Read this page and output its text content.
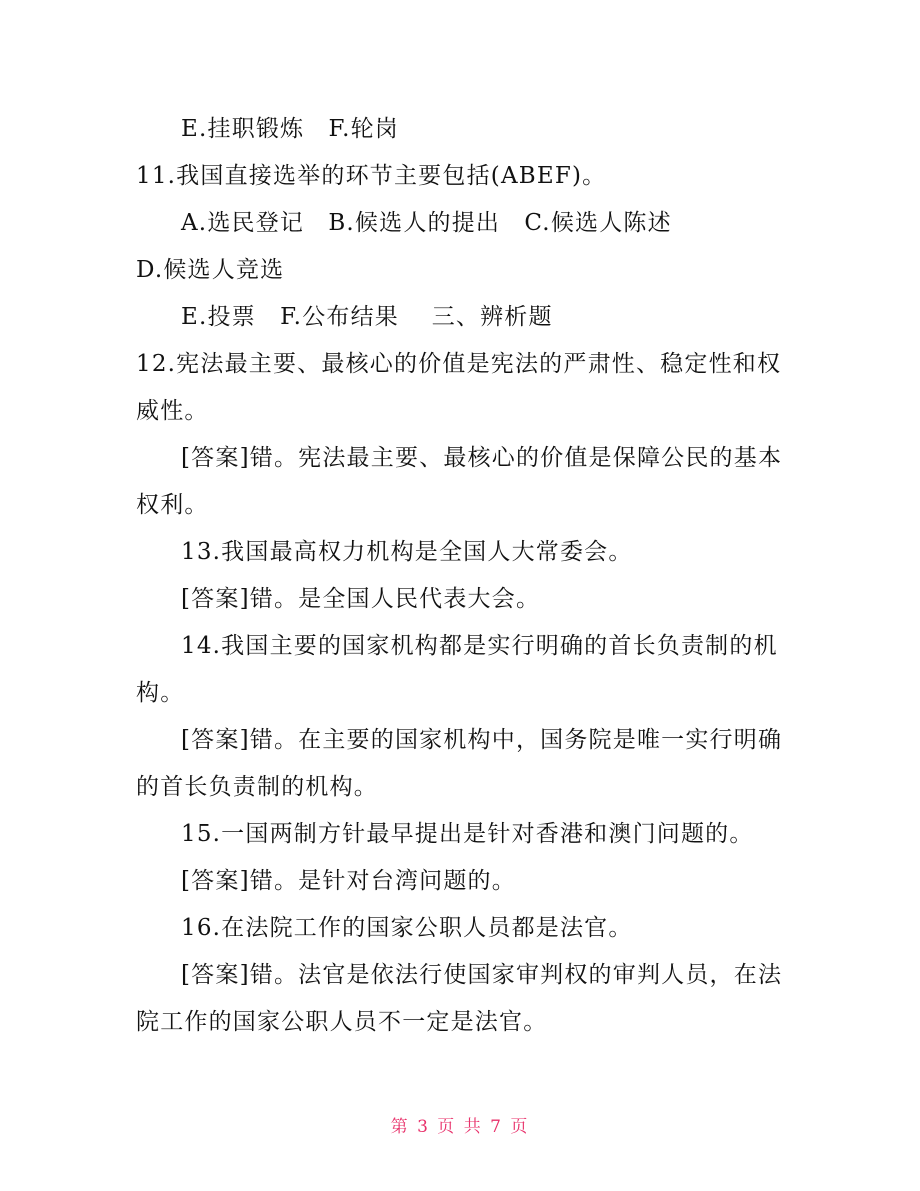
E.挂职锻炼　F.轮岗

11.我国直接选举的环节主要包括(ABEF)。

A.选民登记　B.候选人的提出　C.候选人陈述

D.候选人竞选

E.投票　F.公布结果　 三、辨析题

12.宪法最主要、最核心的价值是宪法的严肃性、稳定性和权威性。

[答案]错。宪法最主要、最核心的价值是保障公民的基本权利。

13.我国最高权力机构是全国人大常委会。

[答案]错。是全国人民代表大会。

14.我国主要的国家机构都是实行明确的首长负责制的机构。

[答案]错。在主要的国家机构中，国务院是唯一实行明确的首长负责制的机构。

15.一国两制方针最早提出是针对香港和澳门问题的。

[答案]错。是针对台湾问题的。

16.在法院工作的国家公职人员都是法官。

[答案]错。法官是依法行使国家审判权的审判人员，在法院工作的国家公职人员不一定是法官。

第 3 页 共 7 页
